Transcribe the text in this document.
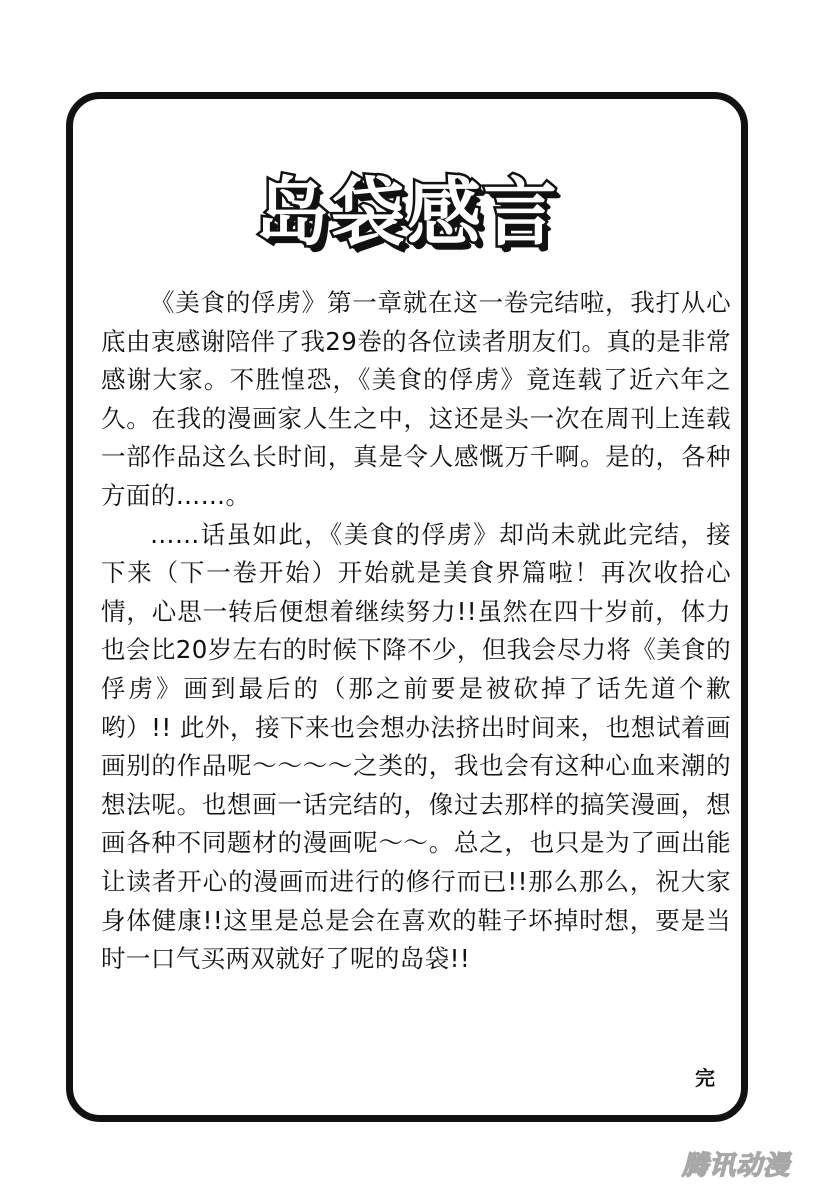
岛袋感言

《美食的俘虏》第一章就在这一卷完结啦，我打从心底由衷感谢陪伴了我29卷的各位读者朋友们。真的是非常感谢大家。不胜惶恐，《美食的俘虏》竟连载了近六年之久。在我的漫画家人生之中，这还是头一次在周刊上连载一部作品这么长时间，真是令人感慨万千啊。是的，各种方面的……。

……话虽如此，《美食的俘虏》却尚未就此完结，接下来（下一卷开始）开始就是美食界篇啦！再次收拾心情，心思一转后便想着继续努力!!虽然在四十岁前，体力也会比20岁左右的时候下降不少，但我会尽力将《美食的俘虏》画到最后的（那之前要是被砍掉了话先道个歉哟）!! 此外，接下来也会想办法挤出时间来，也想试着画画别的作品呢～～～～之类的，我也会有这种心血来潮的想法呢。也想画一话完结的，像过去那样的搞笑漫画，想画各种不同题材的漫画呢～～。总之，也只是为了画出能让读者开心的漫画而进行的修行而已!!那么那么，祝大家身体健康!!这里是总是会在喜欢的鞋子坏掉时想，要是当时一口气买两双就好了呢的岛袋!!

完
腾讯动漫
